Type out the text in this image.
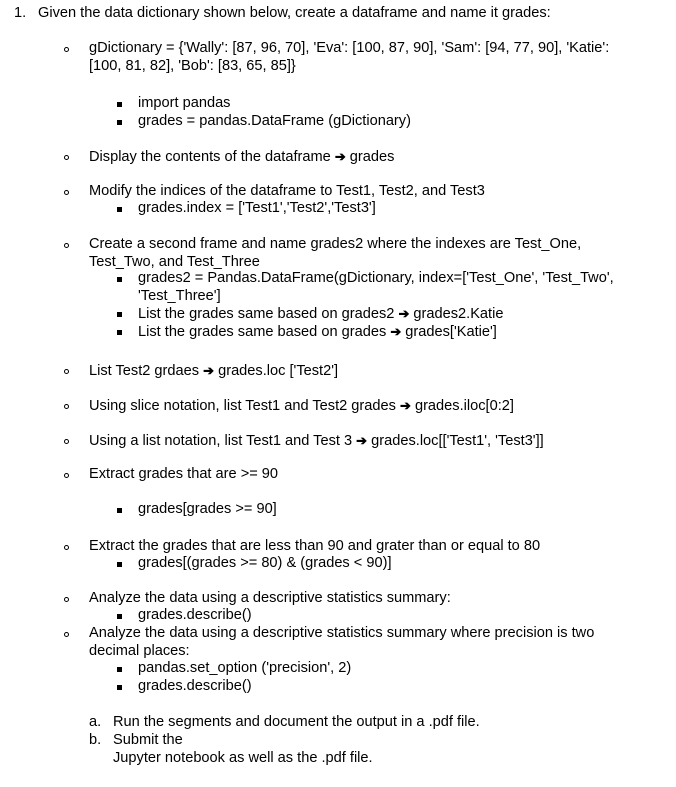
1. Given the data dictionary shown below, create a dataframe and name it grades:
gDictionary = {'Wally': [87, 96, 70], 'Eva': [100, 87, 90], 'Sam': [94, 77, 90], 'Katie':
[100, 81, 82], 'Bob': [83, 65, 85]}
import pandas
grades = pandas.DataFrame (gDictionary)
Display the contents of the dataframe ➔ grades
Modify the indices of the dataframe to Test1, Test2, and Test3
grades.index = ['Test1','Test2','Test3']
Create a second frame and name grades2 where the indexes are Test_One,
Test_Two, and Test_Three
grades2 = Pandas.DataFrame(gDictionary, index=['Test_One', 'Test_Two',
'Test_Three']
List the grades same based on grades2 ➔ grades2.Katie
List the grades same based on grades ➔ grades['Katie']
List Test2 grdaes ➔ grades.loc ['Test2']
Using slice notation, list Test1 and Test2 grades ➔ grades.iloc[0:2]
Using a list notation, list Test1 and Test 3 ➔ grades.loc[['Test1', 'Test3']]
Extract grades that are >= 90
grades[grades >= 90]
Extract the grades that are less than 90 and grater than or equal to 80
grades[(grades >= 80) & (grades < 90)]
Analyze the data using a descriptive statistics summary:
grades.describe()
Analyze the data using a descriptive statistics summary where precision is two
decimal places:
pandas.set_option ('precision', 2)
grades.describe()
a. Run the segments and document the output in a .pdf file.
b. Submit the
Jupyter notebook as well as the .pdf file.
